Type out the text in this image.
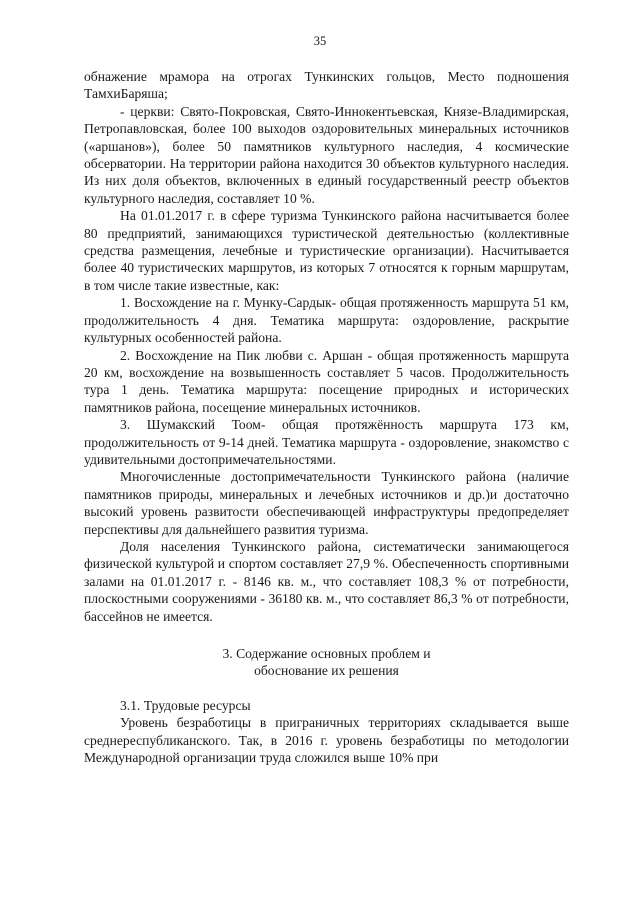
35

обнажение мрамора на отрогах Тункинских гольцов, Место подношения ТамхиБаряша;

- церкви: Свято-Покровская, Свято-Иннокентьевская, Князе-Владимирская, Петропавловская, более 100 выходов оздоровительных минеральных источников («аршанов»), более 50 памятников культурного наследия, 4 космические обсерватории. На территории района находится 30 объектов культурного наследия. Из них доля объектов, включенных в единый государственный реестр объектов культурного наследия, составляет 10 %.

На 01.01.2017 г. в сфере туризма Тункинского района насчитывается более 80 предприятий, занимающихся туристической деятельностью (коллективные средства размещения, лечебные и туристические организации). Насчитывается более 40 туристических маршрутов, из которых 7 относятся к горным маршрутам, в том числе такие известные, как:

1. Восхождение на г. Мунку-Сардык- общая протяженность маршрута 51 км, продолжительность 4 дня. Тематика маршрута: оздоровление, раскрытие культурных особенностей района.

2. Восхождение на Пик любви с. Аршан - общая протяженность маршрута 20 км, восхождение на возвышенность составляет 5 часов. Продолжительность тура 1 день. Тематика маршрута: посещение природных и исторических памятников района, посещение минеральных источников.

3. Шумакский Тоом- общая протяжённость маршрута 173 км, продолжительность от 9-14 дней. Тематика маршрута - оздоровление, знакомство с удивительными достопримечательностями.

Многочисленные достопримечательности Тункинского района (наличие памятников природы, минеральных и лечебных источников и др.)и достаточно высокий уровень развитости обеспечивающей инфраструктуры предопределяет перспективы для дальнейшего развития туризма.

Доля населения Тункинского района, систематически занимающегося физической культурой и спортом составляет 27,9 %. Обеспеченность спортивными залами на 01.01.2017 г. - 8146 кв. м., что составляет 108,3 % от потребности, плоскостными сооружениями - 36180 кв. м., что составляет 86,3 % от потребности, бассейнов не имеется.

3. Содержание основных проблем и

обоснование их решения

3.1. Трудовые ресурсы

Уровень безработицы в приграничных территориях складывается выше среднереспубликанского. Так, в 2016 г. уровень безработицы по методологии Международной организации труда сложился выше 10% при
